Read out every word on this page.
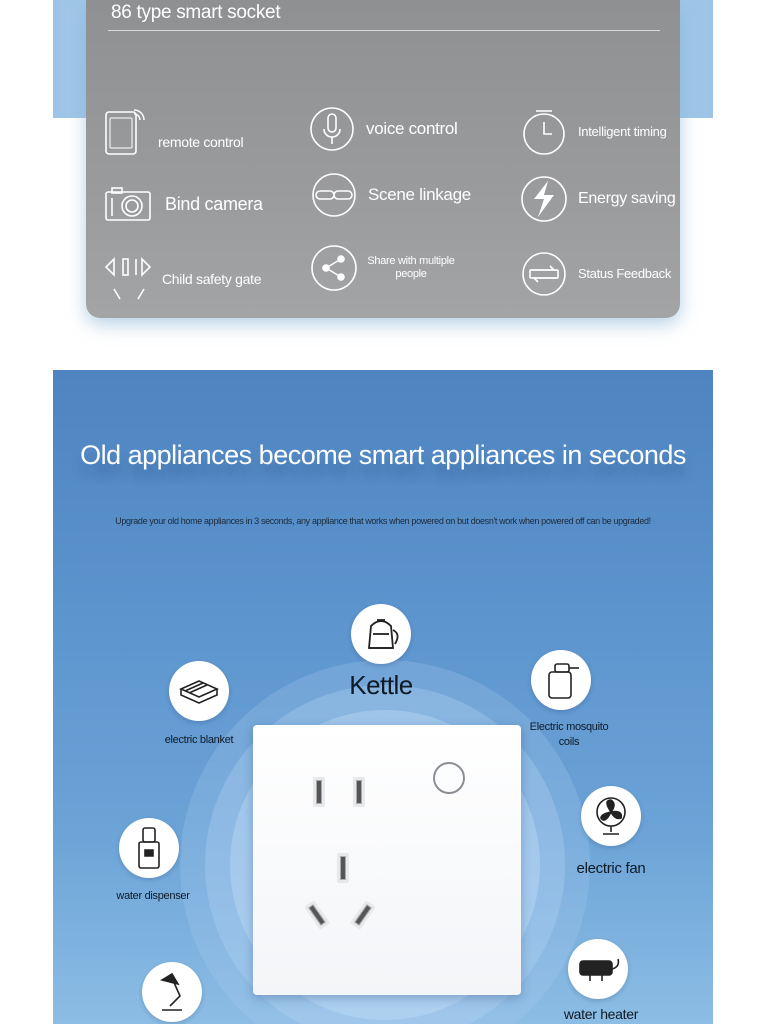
86 type smart socket
remote control
voice control	Intelligent timing
Bind camera	Scene linkage	Energy saving
Child safety gate
Share with multiple people	Status Feedback
Old appliances become smart appliances in seconds
Upgrade your old home appliances in 3 seconds, any appliance that works when powered on but doesn't work when powered off can be upgraded!
Kettle
electric blanket
Electric mosquito coils
electric fan
water dispenser
water heater
